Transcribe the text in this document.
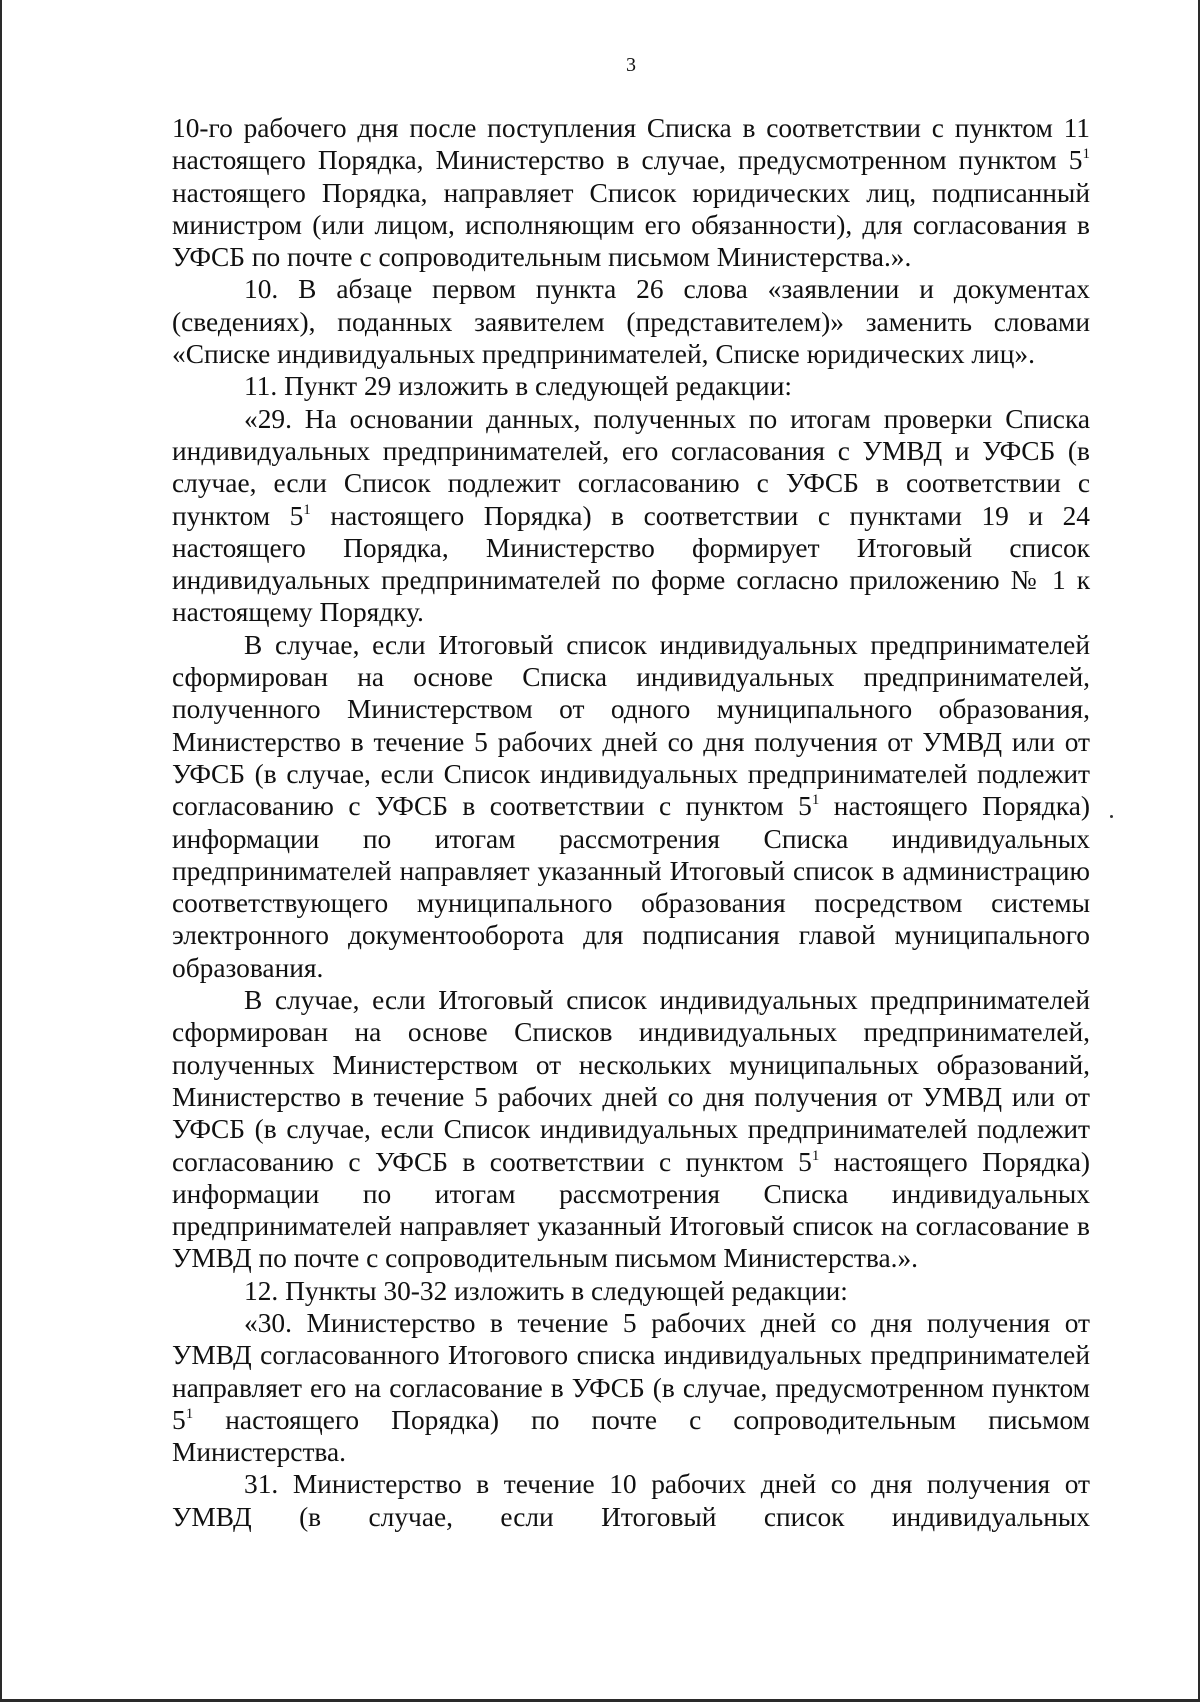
3

10-го рабочего дня после поступления Списка в соответствии с пунктом 11 настоящего Порядка, Министерство в случае, предусмотренном пунктом $5^1$ настоящего Порядка, направляет Список юридических лиц, подписанный министром (или лицом, исполняющим его обязанности), для согласования в УФСБ по почте с сопроводительным письмом Министерства.».

10. В абзаце первом пункта 26 слова «заявлении и документах (сведениях), поданных заявителем (представителем)» заменить словами «Списке индивидуальных предпринимателей, Списке юридических лиц».

11. Пункт 29 изложить в следующей редакции:

«29. На основании данных, полученных по итогам проверки Списка индивидуальных предпринимателей, его согласования с УМВД и УФСБ (в случае, если Список подлежит согласованию с УФСБ в соответствии с пунктом $5^1$ настоящего Порядка) в соответствии с пунктами 19 и 24 настоящего Порядка, Министерство формирует Итоговый список индивидуальных предпринимателей по форме согласно приложению № 1 к настоящему Порядку.

В случае, если Итоговый список индивидуальных предпринимателей сформирован на основе Списка индивидуальных предпринимателей, полученного Министерством от одного муниципального образования, Министерство в течение 5 рабочих дней со дня получения от УМВД или от УФСБ (в случае, если Список индивидуальных предпринимателей подлежит согласованию с УФСБ в соответствии с пунктом $5^1$ настоящего Порядка) информации по итогам рассмотрения Списка индивидуальных предпринимателей направляет указанный Итоговый список в администрацию соответствующего муниципального образования посредством системы электронного документооборота для подписания главой муниципального образования.

В случае, если Итоговый список индивидуальных предпринимателей сформирован на основе Списков индивидуальных предпринимателей, полученных Министерством от нескольких муниципальных образований, Министерство в течение 5 рабочих дней со дня получения от УМВД или от УФСБ (в случае, если Список индивидуальных предпринимателей подлежит согласованию с УФСБ в соответствии с пунктом $5^1$ настоящего Порядка) информации по итогам рассмотрения Списка индивидуальных предпринимателей направляет указанный Итоговый список на согласование в УМВД по почте с сопроводительным письмом Министерства.».

12. Пункты 30-32 изложить в следующей редакции:

«30. Министерство в течение 5 рабочих дней со дня получения от УМВД согласованного Итогового списка индивидуальных предпринимателей направляет его на согласование в УФСБ (в случае, предусмотренном пунктом $5^1$ настоящего Порядка) по почте с сопроводительным письмом Министерства.

31. Министерство в течение 10 рабочих дней со дня получения от УМВД (в случае, если Итоговый список индивидуальных
